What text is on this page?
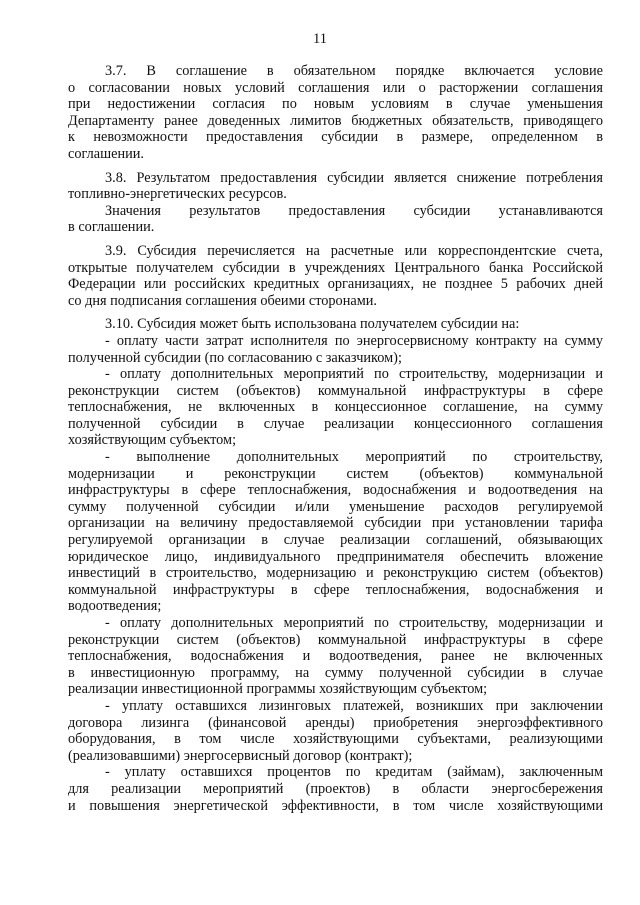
11
3.7. В соглашение в обязательном порядке включается условие
о согласовании новых условий соглашения или о расторжении соглашения
при недостижении согласия по новым условиям в случае уменьшения
Департаменту ранее доведенных лимитов бюджетных обязательств, приводящего
к невозможности предоставления субсидии в размере, определенном в
соглашении.
3.8. Результатом предоставления субсидии является снижение потребления
топливно-энергетических ресурсов.
Значения результатов предоставления субсидии устанавливаются
в соглашении.
3.9. Субсидия перечисляется на расчетные или корреспондентские счета,
открытые получателем субсидии в учреждениях Центрального банка Российской
Федерации или российских кредитных организациях, не позднее 5 рабочих дней
со дня подписания соглашения обеими сторонами.
3.10. Субсидия может быть использована получателем субсидии на:
- оплату части затрат исполнителя по энергосервисному контракту на сумму
полученной субсидии (по согласованию с заказчиком);
- оплату дополнительных мероприятий по строительству, модернизации и
реконструкции систем (объектов) коммунальной инфраструктуры в сфере
теплоснабжения, не включенных в концессионное соглашение, на сумму
полученной субсидии в случае реализации концессионного соглашения
хозяйствующим субъектом;
- выполнение дополнительных мероприятий по строительству,
модернизации и реконструкции систем (объектов) коммунальной
инфраструктуры в сфере теплоснабжения, водоснабжения и водоотведения на
сумму полученной субсидии и/или уменьшение расходов регулируемой
организации на величину предоставляемой субсидии при установлении тарифа
регулируемой организации в случае реализации соглашений, обязывающих
юридическое лицо, индивидуального предпринимателя обеспечить вложение
инвестиций в строительство, модернизацию и реконструкцию систем (объектов)
коммунальной инфраструктуры в сфере теплоснабжения, водоснабжения и
водоотведения;
- оплату дополнительных мероприятий по строительству, модернизации и
реконструкции систем (объектов) коммунальной инфраструктуры в сфере
теплоснабжения, водоснабжения и водоотведения, ранее не включенных
в инвестиционную программу, на сумму полученной субсидии в случае
реализации инвестиционной программы хозяйствующим субъектом;
- уплату оставшихся лизинговых платежей, возникших при заключении
договора лизинга (финансовой аренды) приобретения энергоэффективного
оборудования, в том числе хозяйствующими субъектами, реализующими
(реализовавшими) энергосервисный договор (контракт);
- уплату оставшихся процентов по кредитам (займам), заключенным
для реализации мероприятий (проектов) в области энергосбережения
и повышения энергетической эффективности, в том числе хозяйствующими
